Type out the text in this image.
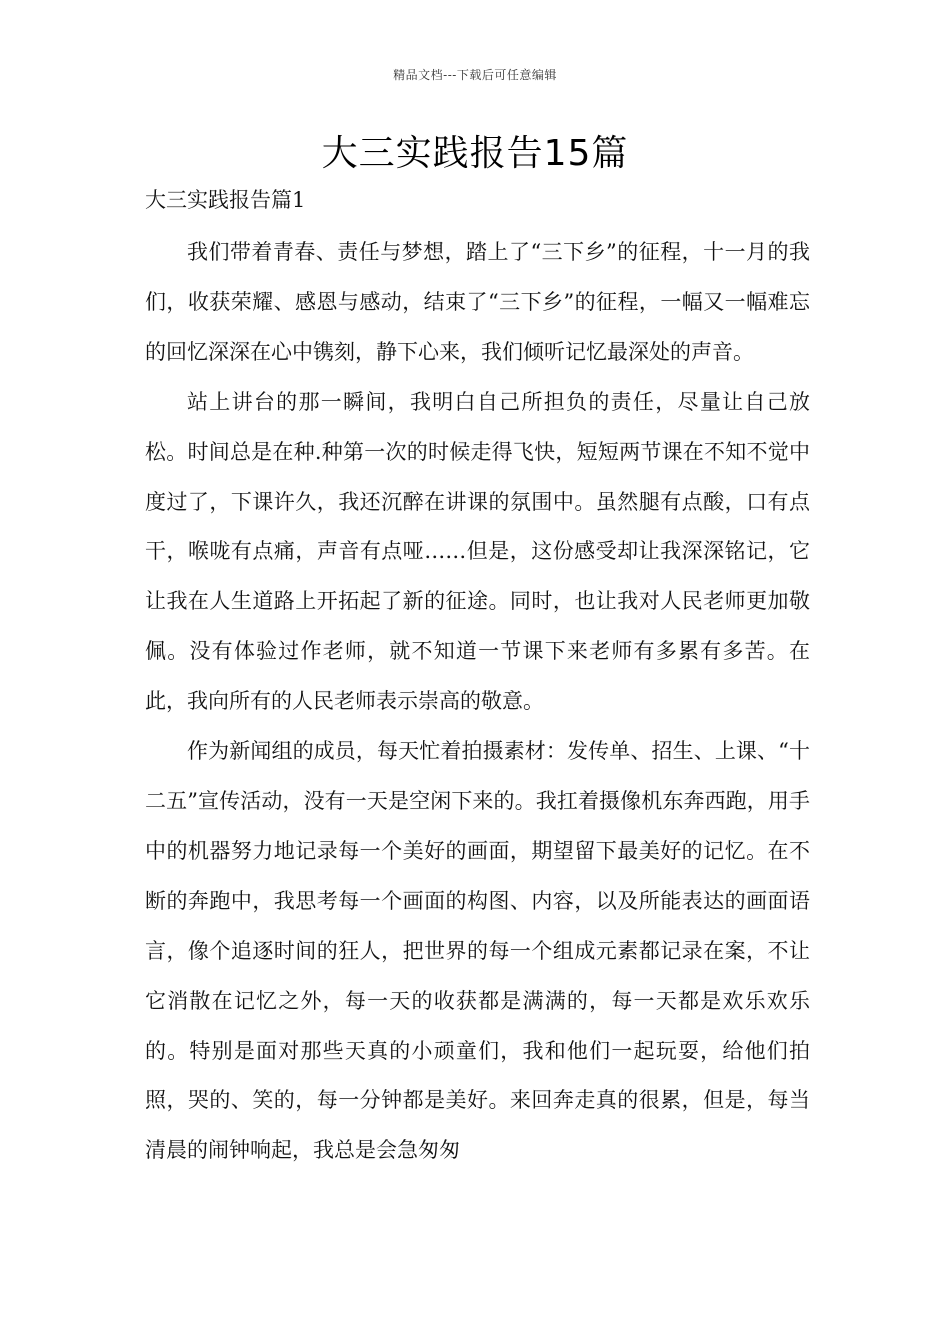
精品文档---下载后可任意编辑
大三实践报告15篇
大三实践报告篇1

我们带着青春、责任与梦想，踏上了“三下乡”的征程，十一月的我们，收获荣耀、感恩与感动，结束了“三下乡”的征程，一幅又一幅难忘的回忆深深在心中镌刻，静下心来，我们倾听记忆最深处的声音。

站上讲台的那一瞬间，我明白自己所担负的责任，尽量让自己放松。时间总是在种.种第一次的时候走得飞快，短短两节课在不知不觉中度过了，下课许久，我还沉醉在讲课的氛围中。虽然腿有点酸，口有点干，喉咙有点痛，声音有点哑……但是，这份感受却让我深深铭记，它让我在人生道路上开拓起了新的征途。同时，也让我对人民老师更加敬佩。没有体验过作老师，就不知道一节课下来老师有多累有多苦。在此，我向所有的人民老师表示崇高的敬意。

作为新闻组的成员，每天忙着拍摄素材：发传单、招生、上课、“十二五”宣传活动，没有一天是空闲下来的。我扛着摄像机东奔西跑，用手中的机器努力地记录每一个美好的画面，期望留下最美好的记忆。在不断的奔跑中，我思考每一个画面的构图、内容，以及所能表达的画面语言，像个追逐时间的狂人，把世界的每一个组成元素都记录在案，不让它消散在记忆之外，每一天的收获都是满满的，每一天都是欢乐欢乐的。特别是面对那些天真的小顽童们，我和他们一起玩耍，给他们拍照，哭的、笑的，每一分钟都是美好。来回奔走真的很累，但是，每当清晨的闹钟响起，我总是会急匆匆
